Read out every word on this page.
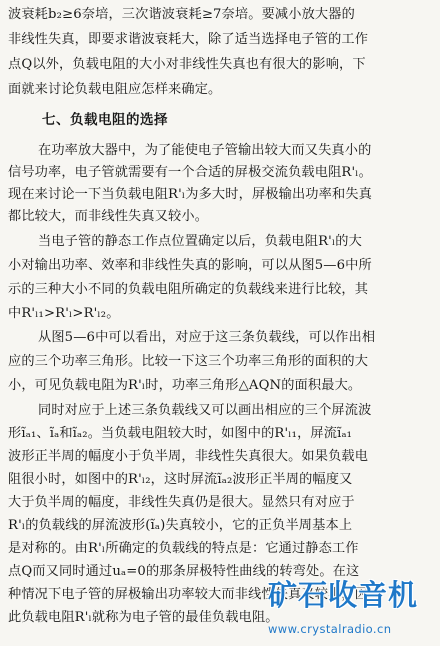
波衰耗b₂≥6奈培，三次谐波衰耗≥7奈培。要减小放大器的
非线性失真，即要求谐波衰耗大，除了适当选择电子管的工作
点Q以外，负载电阻的大小对非线性失真也有很大的影响，下
面就来讨论负载电阻应怎样来确定。
七、负载电阻的选择
在功率放大器中，为了能使电子管输出较大而又失真小的
信号功率，电子管就需要有一个合适的屏极交流负载电阻R'ₗ。
现在来讨论一下当负载电阻R'ₗ为多大时，屏极输出功率和失真
都比较大，而非线性失真又较小。
当电子管的静态工作点位置确定以后，负载电阻R'ₗ的大
小对输出功率、效率和非线性失真的影响，可以从图5—6中所
示的三种大小不同的负载电阻所确定的负载线来进行比较，其
中R'ₗ₁>R'ₗ>R'ₗ₂。
从图5—6中可以看出，对应于这三条负载线，可以作出相
应的三个功率三角形。比较一下这三个功率三角形的面积的大
小，可见负载电阻为R'ₗ时，功率三角形△AQN的面积最大。
同时对应于上述三条负载线又可以画出相应的三个屏流波
形ĩₐ₁、ĩₐ和ĩₐ₂。当负载电阻较大时，如图中的R'ₗ₁，屏流ĩₐ₁
波形正半周的幅度小于负半周，非线性失真很大。如果负载电
阻很小时，如图中的R'ₗ₂，这时屏流ĩₐ₂波形正半周的幅度又
大于负半周的幅度，非线性失真仍是很大。显然只有对应于
R'ₗ的负载线的屏流波形(ĩₐ)失真较小，它的正负半周基本上
是对称的。由R'ₗ所确定的负载线的特点是：它通过静态工作
点Q而又同时通过uₐ=0的那条屏极特性曲线的转弯处。在这
种情况下电子管的屏极输出功率较大而非线性失真又较小，因
此负载电阻R'ₗ就称为电子管的最佳负载电阻。
矿石收音机
www.crystalradio.cn
